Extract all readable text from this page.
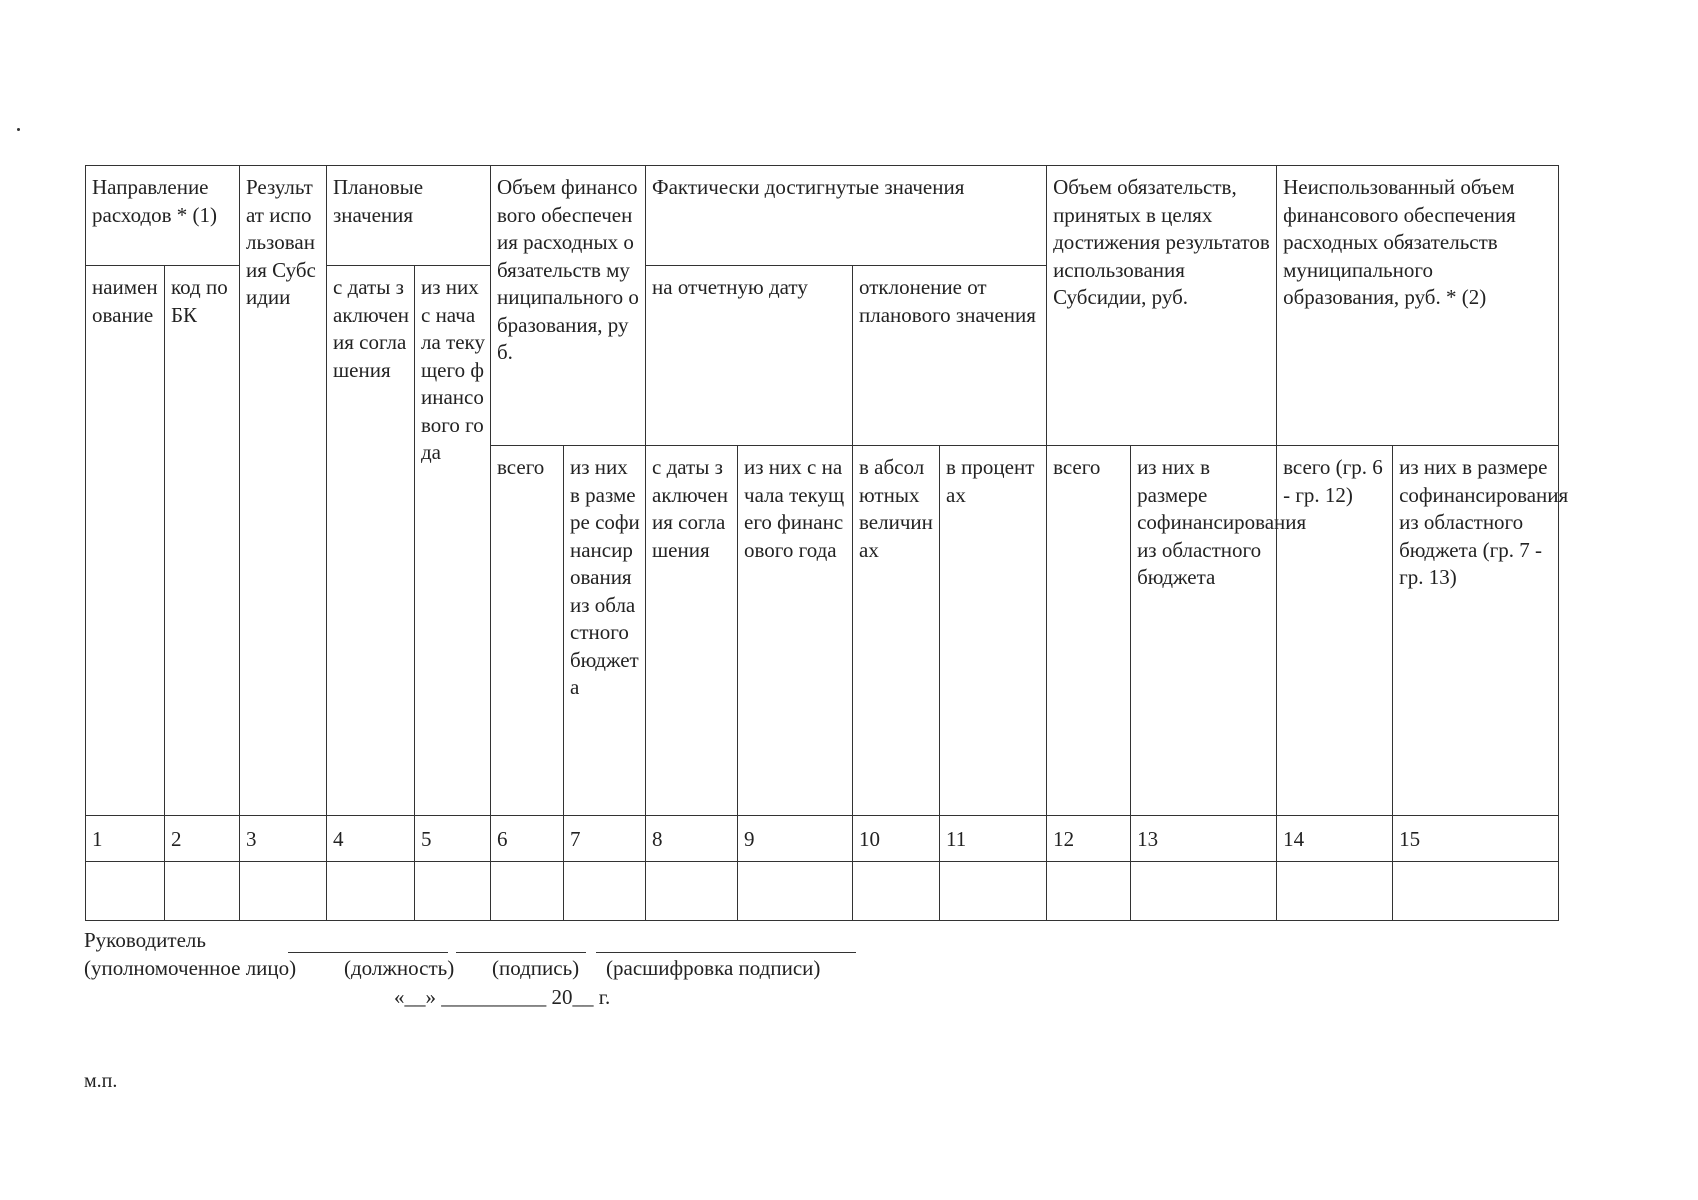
Направление расходов * (1)		Результат использования Субсидии	Плановые значения		Объем финансового обеспечения расходных обязательств муниципального образования, руб.		Фактически достигнутые значения				Объем обязательств, принятых в целях достижения результатов использования Субсидии, руб.		Неиспользованный объем финансового обеспечения расходных обязательств муниципального образования, руб. * (2)	
наименование	код по БК		с даты заключения соглашения	из них с начала текущего финансового года			на отчетную дату		отклонение от планового значения					
					всего	из них в размере софинансирования из областного бюджета	с даты заключения соглашения	из них с начала текущего финансового года	в абсолютных величинах	в процентах	всего	из них в размере софинансирования из областного бюджета	всего (гр. 6 - гр. 12)	из них в размере софинансирования из областного бюджета (гр. 7 - гр. 13)
1	2	3	4	5	6	7	8	9	10	11	12	13	14	15

Руководитель
(уполномоченное лицо) (должность) (подпись) (расшифровка подписи)
«__» __________ 20__ г.
м.п.
